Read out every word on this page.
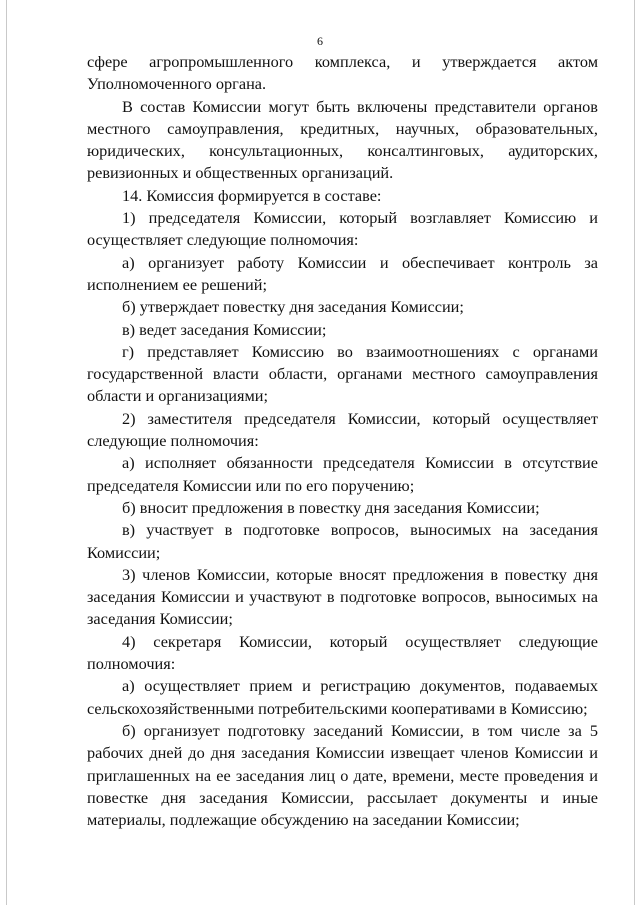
6

сфере агропромышленного комплекса, и утверждается актом Уполномоченного органа.

В состав Комиссии могут быть включены представители органов местного самоуправления, кредитных, научных, образовательных, юридических, консультационных, консалтинговых, аудиторских, ревизионных и общественных организаций.

14. Комиссия формируется в составе:

1) председателя Комиссии, который возглавляет Комиссию и осуществляет следующие полномочия:

а) организует работу Комиссии и обеспечивает контроль за исполнением ее решений;

б) утверждает повестку дня заседания Комиссии;

в) ведет заседания Комиссии;

г) представляет Комиссию во взаимоотношениях с органами государственной власти области, органами местного самоуправления области и организациями;

2) заместителя председателя Комиссии, который осуществляет следующие полномочия:

а) исполняет обязанности председателя Комиссии в отсутствие председателя Комиссии или по его поручению;

б) вносит предложения в повестку дня заседания Комиссии;

в) участвует в подготовке вопросов, выносимых на заседания Комиссии;

3) членов Комиссии, которые вносят предложения в повестку дня заседания Комиссии и участвуют в подготовке вопросов, выносимых на заседания Комиссии;

4) секретаря Комиссии, который осуществляет следующие полномочия:

а) осуществляет прием и регистрацию документов, подаваемых сельскохозяйственными потребительскими кооперативами в Комиссию;

б) организует подготовку заседаний Комиссии, в том числе за 5 рабочих дней до дня заседания Комиссии извещает членов Комиссии и приглашенных на ее заседания лиц о дате, времени, месте проведения и повестке дня заседания Комиссии, рассылает документы и иные материалы, подлежащие обсуждению на заседании Комиссии;
